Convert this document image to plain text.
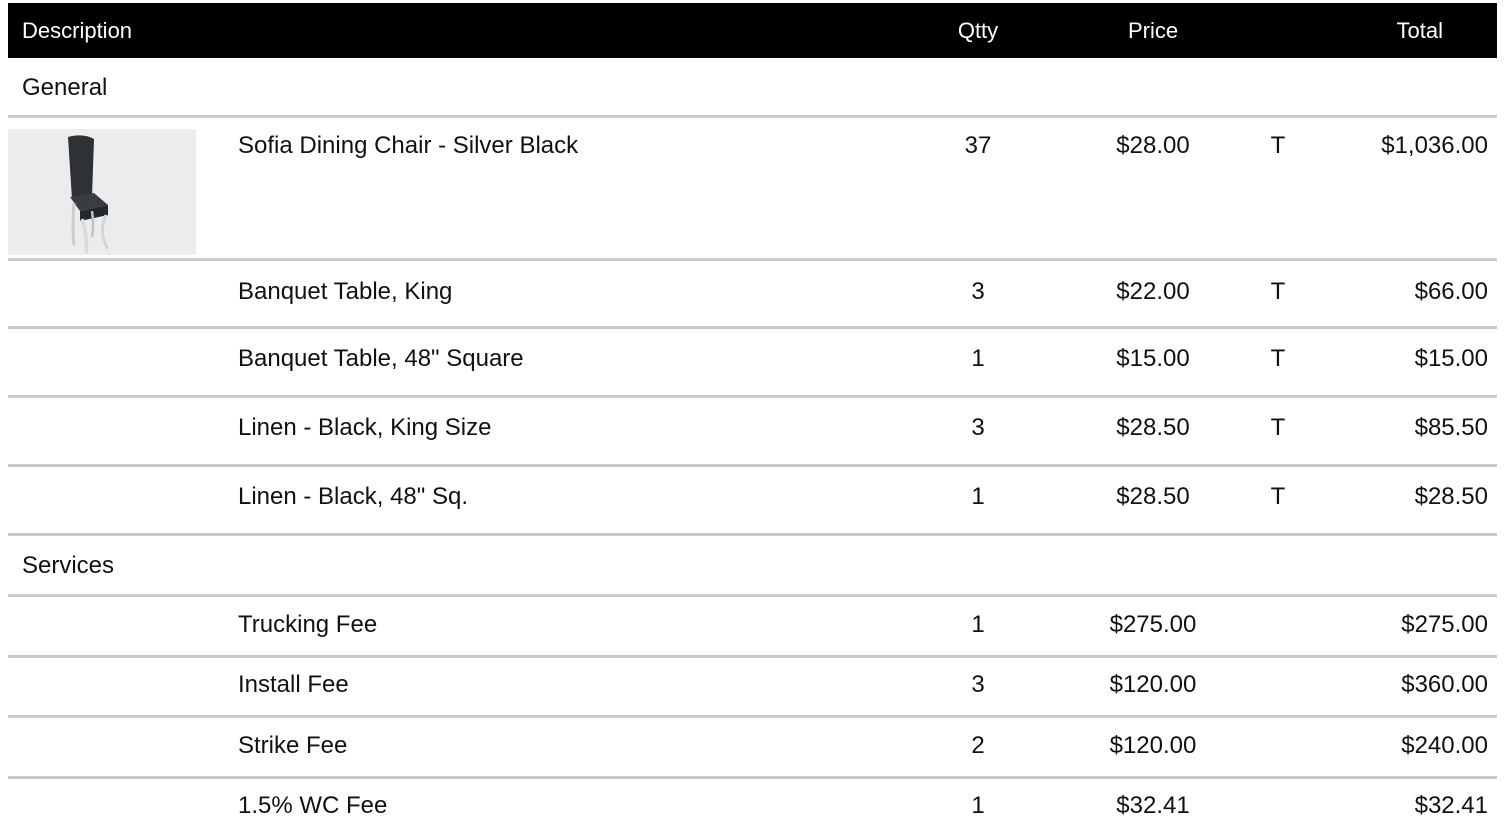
Description	Qtty	Price	Total
General
Sofia Dining Chair - Silver Black	37	$28.00	T	$1,036.00
Banquet Table, King	3	$22.00	T	$66.00
Banquet Table, 48" Square	1	$15.00	T	$15.00
Linen - Black, King Size	3	$28.50	T	$85.50
Linen - Black, 48" Sq.	1	$28.50	T	$28.50
Services
Trucking Fee	1	$275.00	$275.00
Install Fee	3	$120.00	$360.00
Strike Fee	2	$120.00	$240.00
1.5% WC Fee	1	$32.41	$32.41
